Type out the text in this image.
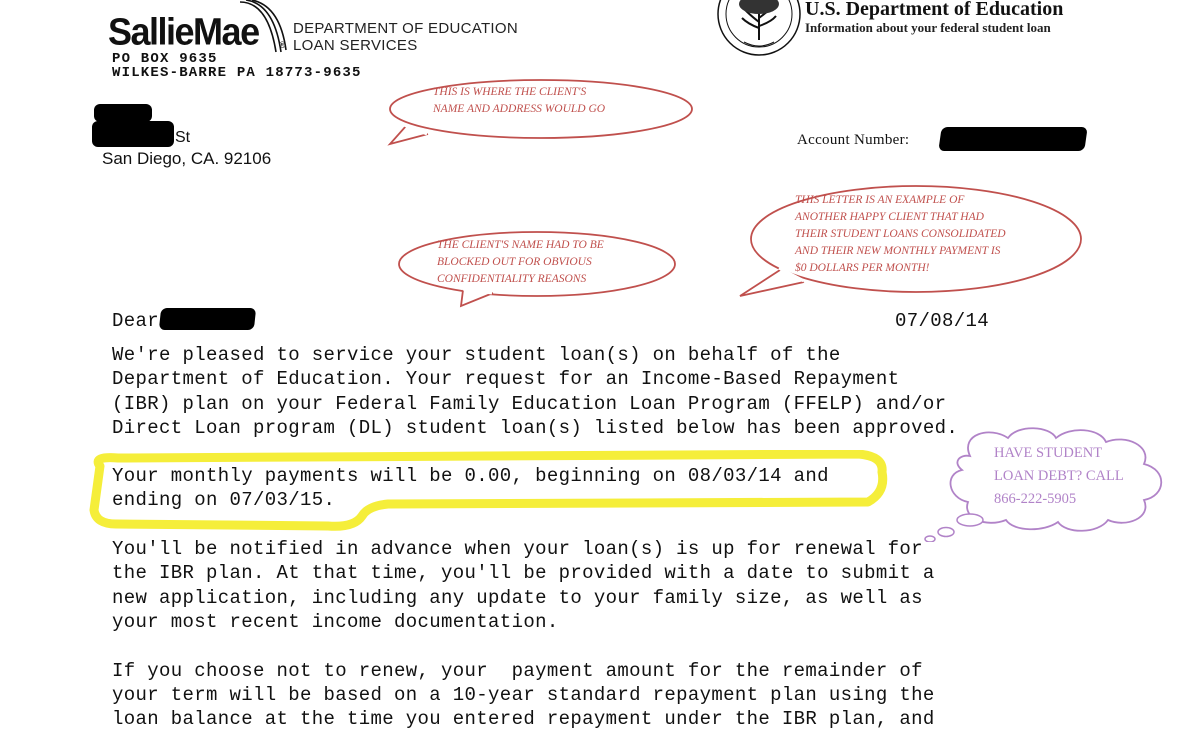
SallieMae ®
DEPARTMENT OF EDUCATION
LOAN SERVICES
PO BOX 9635
WILKES-BARRE PA 18773-9635
U.S. Department of Education
Information about your federal student loan
St
San Diego, CA. 92106
Account Number:
THIS IS WHERE THE CLIENT'S
NAME AND ADDRESS WOULD GO
THE CLIENT'S NAME HAD TO BE
BLOCKED OUT FOR OBVIOUS
CONFIDENTIALITY REASONS
THIS LETTER IS AN EXAMPLE OF
ANOTHER HAPPY CLIENT THAT HAD
THEIR STUDENT LOANS CONSOLIDATED
AND THEIR NEW MONTHLY PAYMENT IS
$0 DOLLARS PER MONTH!
HAVE STUDENT
LOAN DEBT? CALL
866-222-5905
Dear	07/08/14
We're pleased to service your student loan(s) on behalf of the
Department of Education. Your request for an Income-Based Repayment
(IBR) plan on your Federal Family Education Loan Program (FFELP) and/or
Direct Loan program (DL) student loan(s) listed below has been approved.
Your monthly payments will be 0.00, beginning on 08/03/14 and
ending on 07/03/15.
You'll be notified in advance when your loan(s) is up for renewal for
the IBR plan. At that time, you'll be provided with a date to submit a
new application, including any update to your family size, as well as
your most recent income documentation.
If you choose not to renew, your  payment amount for the remainder of
your term will be based on a 10-year standard repayment plan using the
loan balance at the time you entered repayment under the IBR plan, and
